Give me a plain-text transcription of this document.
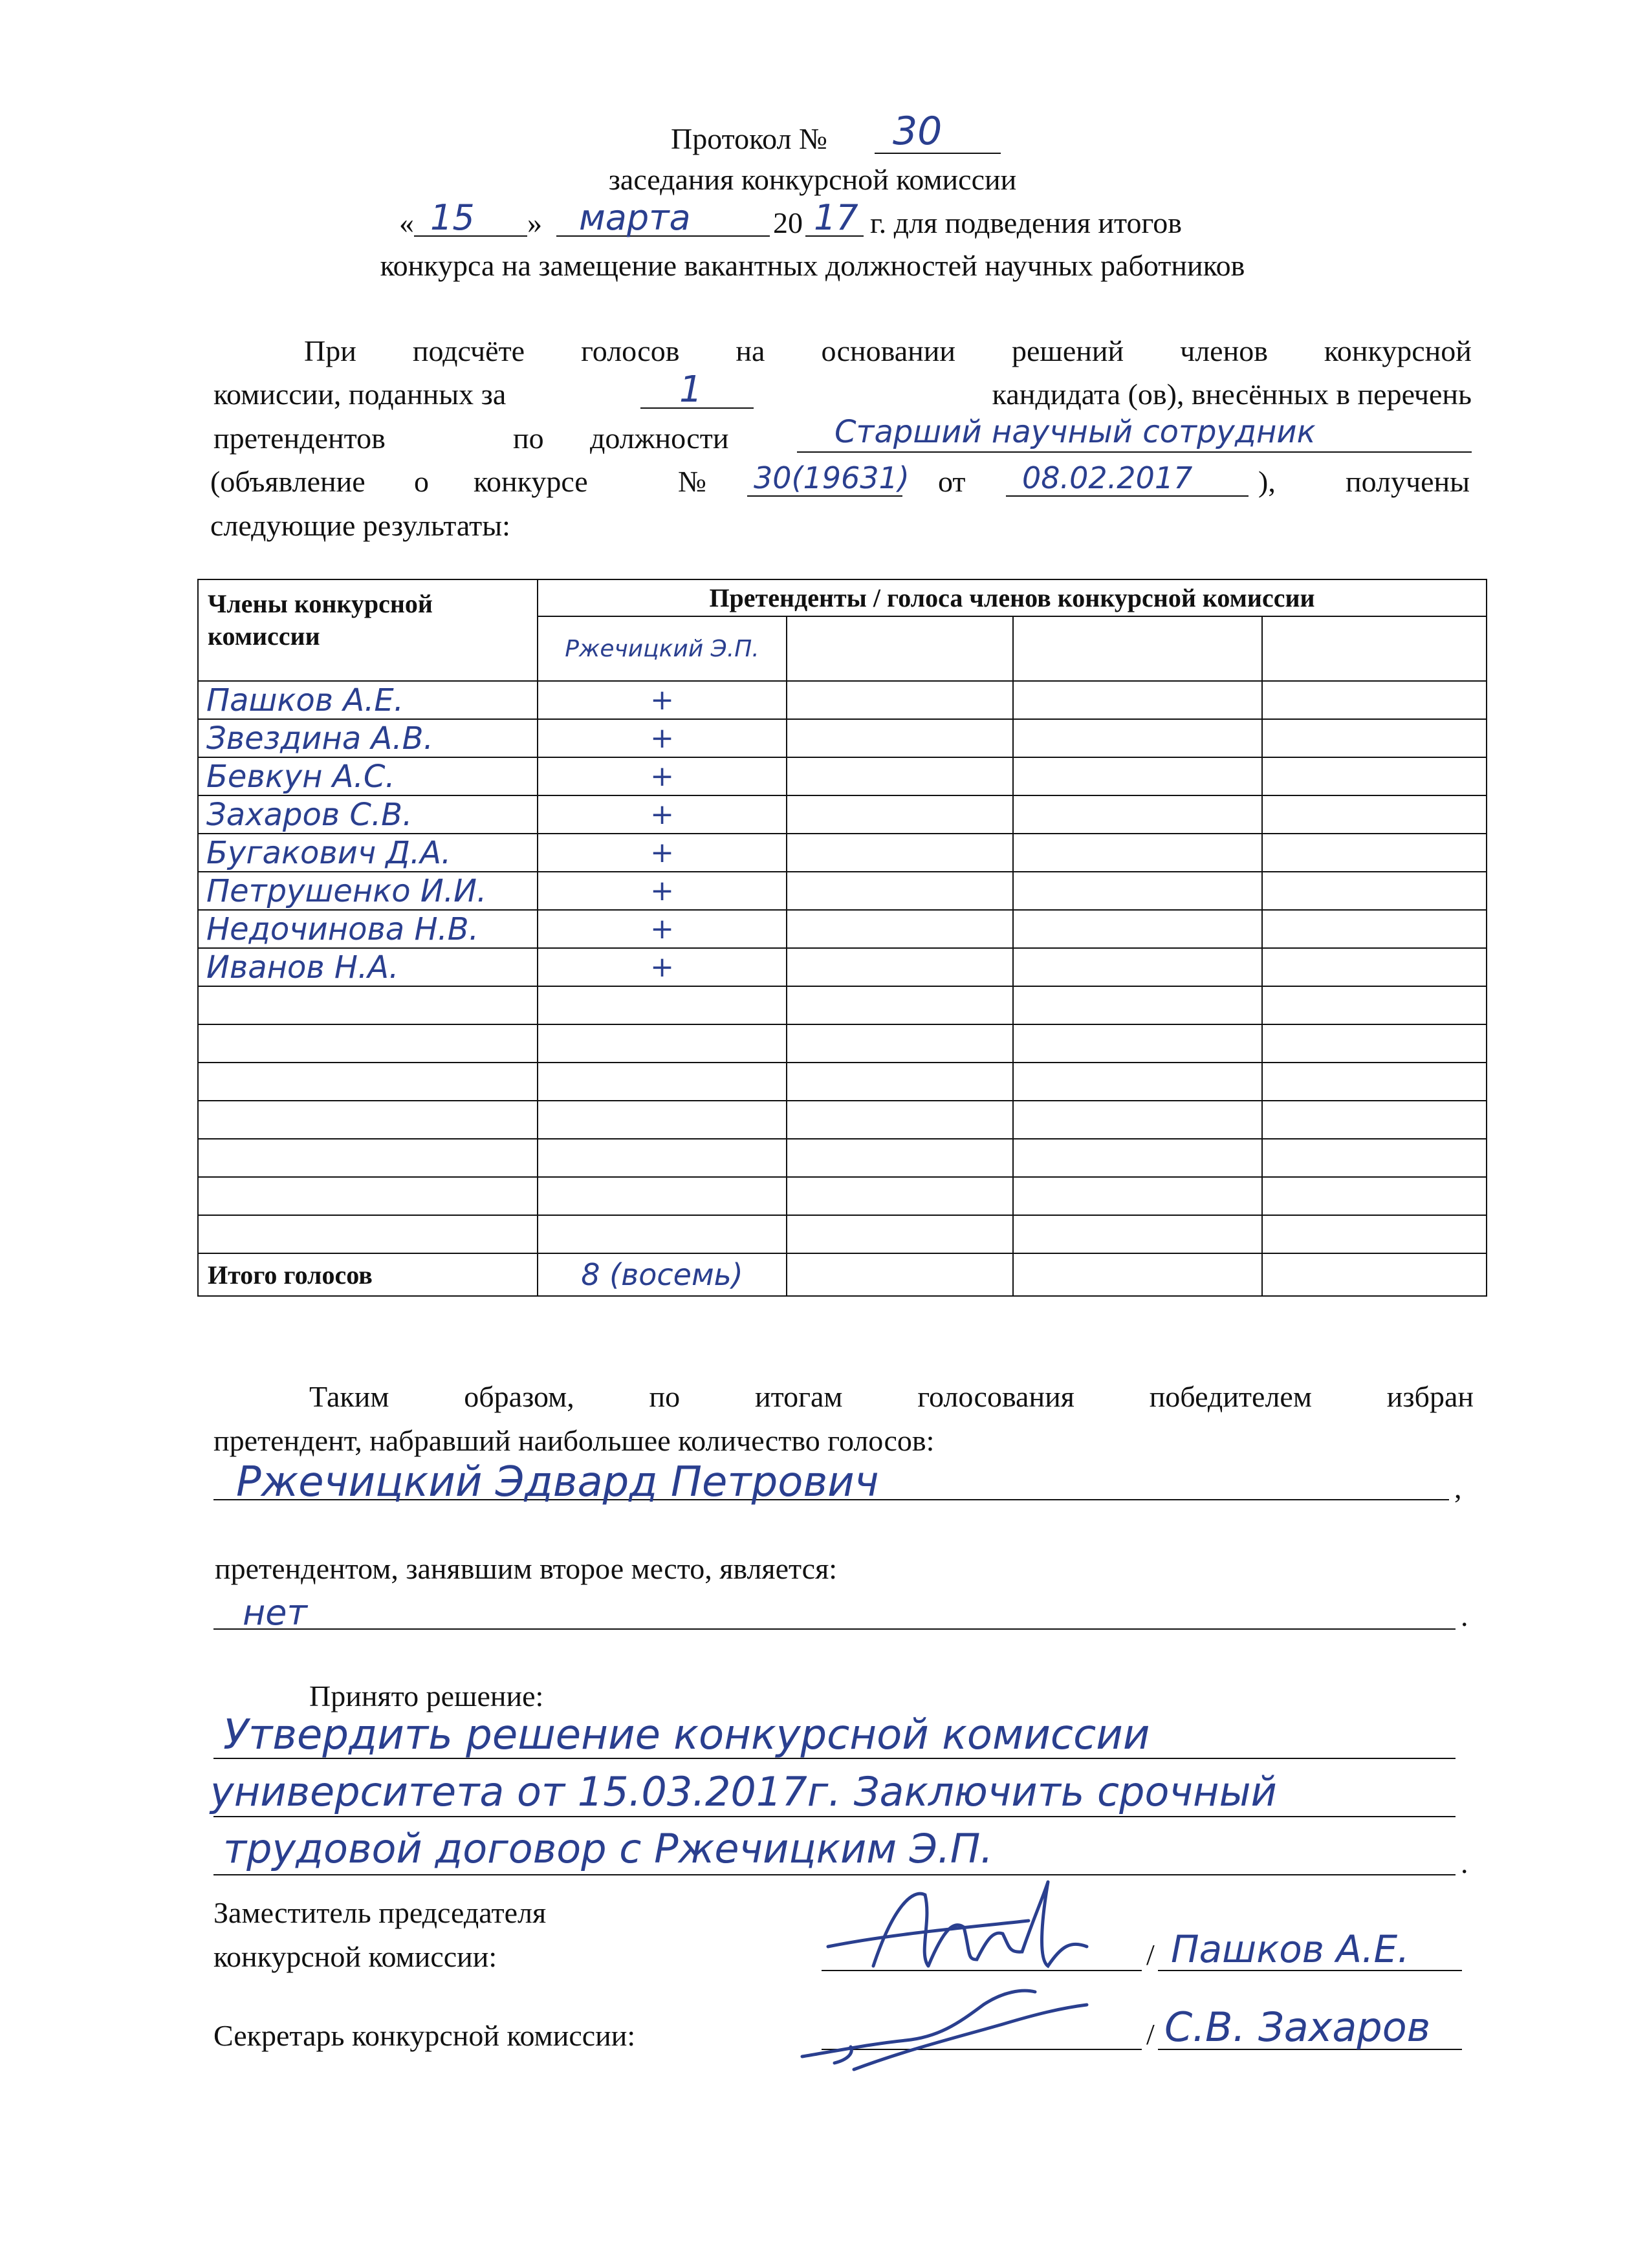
Протокол № 30
заседания конкурсной комиссии
« 15 » марта	20 17 г. для подведения итогов
конкурса на замещение вакантных должностей научных работников
При подсчёте голосов на основании решений членов конкурсной
комиссии, поданных за	1	кандидата (ов), внесённых в перечень
претендентов	по должности	Старший научный сотрудник
(объявление о конкурсе	№ 30(19631) от 08.02.2017 ), получены
следующие результаты:
Члены конкурсной комиссии	Претенденты / голоса членов конкурсной комиссии			
	Ржечицкий Э.П.			
Пашков А.Е.	+			
Звездина А.В.	+			
Бевкун А.С.	+			
Захаров С.В.	+			
Бугакович Д.А.	+			
Петрушенко И.И.	+			
Недочинова Н.В.	+			
Иванов Н.А.	+			

Итого голосов	8 (восемь)			
Таким	образом,	по	итогам	голосования	победителем	избран
претендент, набравший наибольшее количество голосов:
Ржечицкий Эдвард Петрович	,
претендентом, занявшим второе место, является:
нет	.
Принято решение:
Утвердить решение конкурсной комиссии
университета от 15.03.2017г. Заключить срочный
трудовой договор с Ржечицким Э.П.	.
Заместитель председателя
конкурсной комиссии:	/ Пашков А.Е.
Секретарь конкурсной комиссии:	/ С.В. Захаров
